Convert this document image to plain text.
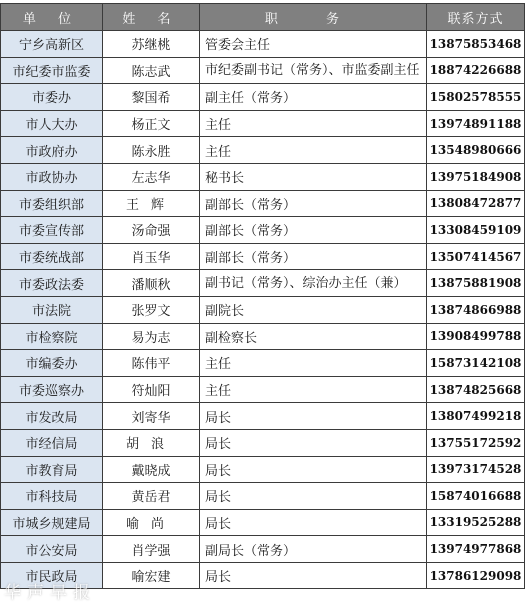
单 位	姓 名	职 务	联系方式
宁乡高新区	苏继桃	管委会主任	13875853468
市纪委市监委	陈志武	市纪委副书记（常务）、市监委副主任	18874226688
市委办	黎国希	副主任（常务）	15802578555
市人大办	杨正文	主任	13974891188
市政府办	陈永胜	主任	13548980666
市政协办	左志华	秘书长	13975184908
市委组织部	王辉	副部长（常务）	13808472877
市委宣传部	汤命强	副部长（常务）	13308459109
市委统战部	肖玉华	副部长（常务）	13507414567
市委政法委	潘顺秋	副书记（常务）、综治办主任（兼）	13875881908
市法院	张罗文	副院长	13874866988
市检察院	易为志	副检察长	13908499788
市编委办	陈伟平	主任	15873142108
市委巡察办	符灿阳	主任	13874825668
市发改局	刘寄华	局长	13807499218
市经信局	胡浪	局长	13755172592
市教育局	戴晓成	局长	13973174528
市科技局	黄岳君	局长	15874016688
市城乡规建局	喻尚	局长	13319525288
市公安局	肖学强	副局长（常务）	13974977868
市民政局	喻宏建	局长	13786129098
华声早报
